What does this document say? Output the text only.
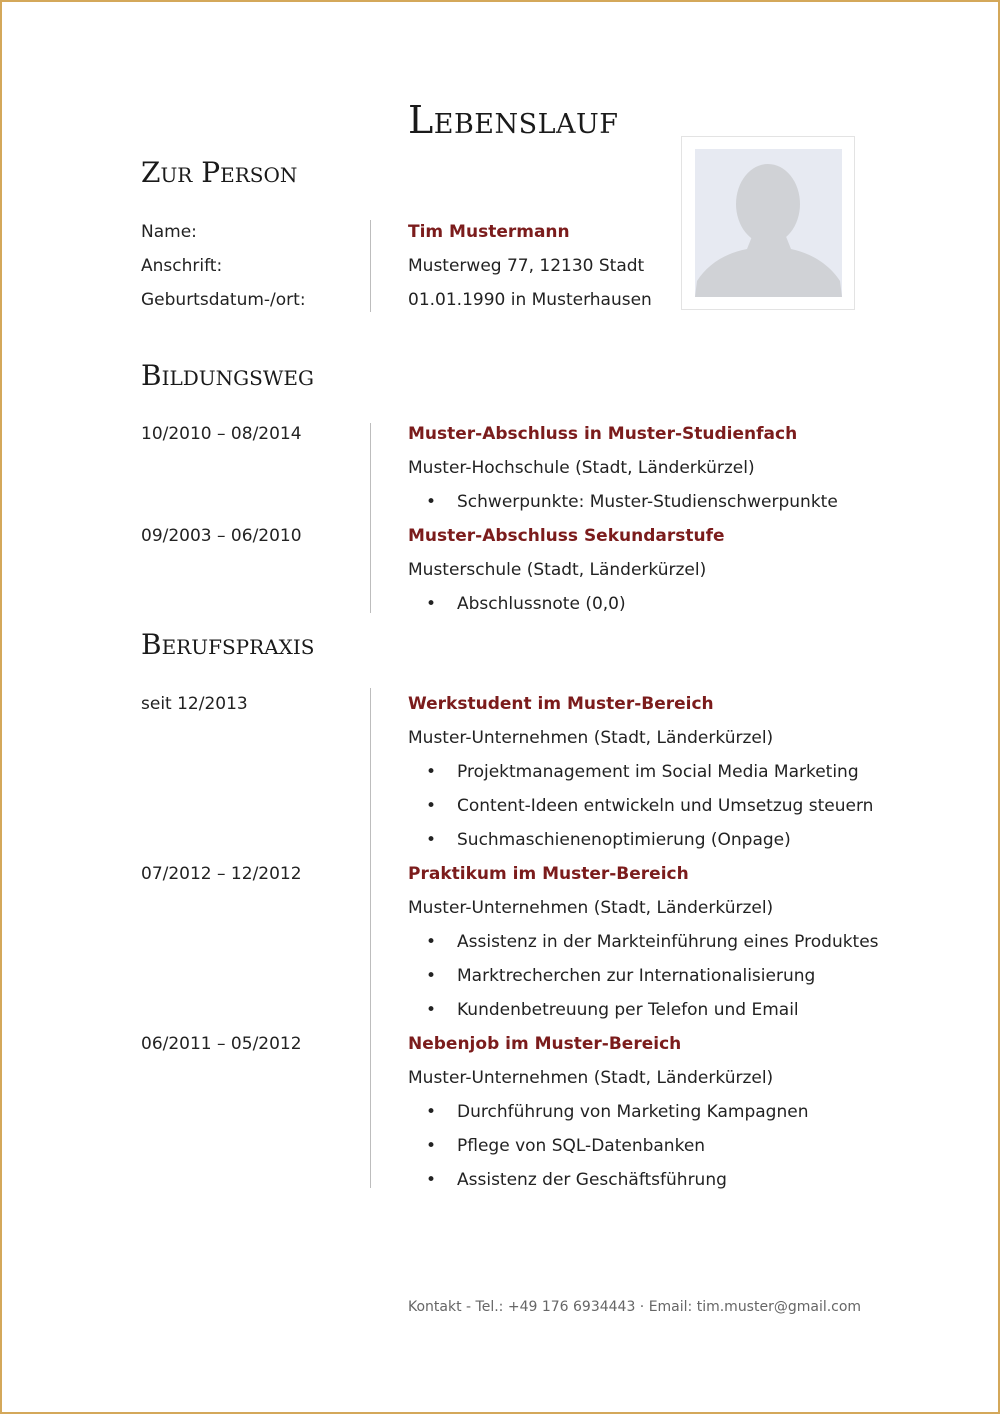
Lebenslauf
Zur Person
Name:	Tim Mustermann
Anschrift:	Musterweg 77, 12130 Stadt
Geburtsdatum-/ort:	01.01.1990 in Musterhausen
Bildungsweg
10/2010 – 08/2014	Muster-Abschluss in Muster-Studienfach
Muster-Hochschule (Stadt, Länderkürzel)
• Schwerpunkte: Muster-Studienschwerpunkte
09/2003 – 06/2010	Muster-Abschluss Sekundarstufe
Musterschule (Stadt, Länderkürzel)
• Abschlussnote (0,0)
Berufspraxis
seit 12/2013	Werkstudent im Muster-Bereich
Muster-Unternehmen (Stadt, Länderkürzel)
• Projektmanagement im Social Media Marketing
• Content-Ideen entwickeln und Umsetzug steuern
• Suchmaschienenoptimierung (Onpage)
07/2012 – 12/2012	Praktikum im Muster-Bereich
Muster-Unternehmen (Stadt, Länderkürzel)
• Assistenz in der Markteinführung eines Produktes
• Marktrecherchen zur Internationalisierung
• Kundenbetreuung per Telefon und Email
06/2011 – 05/2012	Nebenjob im Muster-Bereich
Muster-Unternehmen (Stadt, Länderkürzel)
• Durchführung von Marketing Kampagnen
• Pflege von SQL-Datenbanken
• Assistenz der Geschäftsführung
Kontakt - Tel.: +49 176 6934443 · Email: tim.muster@gmail.com
